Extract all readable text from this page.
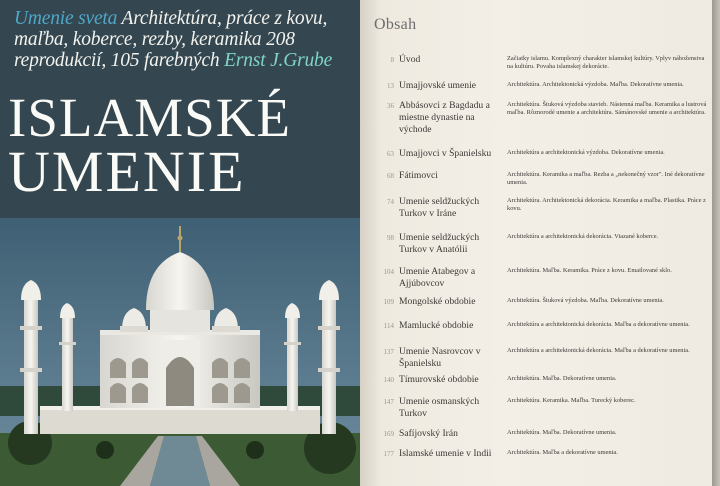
Umenie sveta Architektúra, práce z kovu, maľba, koberce, rezby, keramika 208 reprodukcií, 105 farebných Ernst J.Grube
ISLAMSKÉ
UMENIE
Obsah
8 Úvod	Začiatky islamu. Komplexný charakter islamskej kultúry. Vplyv náboženstva na kultúru. Povaha islamskej dekorácie.
13 Umajjovské umenie	Architektúra. Architektonická výzdoba. Maľba. Dekoratívne umenia.
36 Abbásovci z Bagdadu a miestne dynastie na východe
Architektúra. Štuková výzdoba stavieb. Nástenná maľba. Keramika a lustrová maľba. Rôznorodé umenie a architektúra. Sámánovské umenie a architektúra.
63 Umajjovci v Španielsku	Architektúra a architektonická výzdoba. Dekoratívne umenia.
68 Fátimovci	Architektúra. Keramika a maľba. Rezba a „nekonečný vzor". Iné dekoratívne umenia.
74 Umenie seldžuckých Turkov v Iráne
Architektúra. Architektonická dekorácia. Keramika a maľba. Plastika. Práce z kovu.
98 Umenie seldžuckých Turkov v Anatólii
Architektúra a architektonická dekorácia. Viazané koberce.
104 Umenie Atabegov a Ajjúbovcov
Architektúra. Maľba. Keramika. Práce z kovu. Emailované sklo.
109 Mongolské obdobie	Architektúra. Štuková výzdoba. Maľba. Dekoratívne umenia.
114 Mamlucké obdobie	Architektúra a architektonická dekorácia. Maľba a dekoratívne umenia.
137 Umenie Nasrovcov v Španielsku
Architektúra a architektonická dekorácia. Maľba a dekoratívne umenia.
140 Tímurovské obdobie	Architektúra. Maľba. Dekoratívne umenia.
147 Umenie osmanských Turkov
Architektúra. Keramika. Maľba. Turecký koberec.
169 Safíjovský Irán	Architektúra. Maľba. Dekoratívne umenia.
177 Islamské umenie v Indii	Architektúra. Maľba a dekoratívne umenia.
